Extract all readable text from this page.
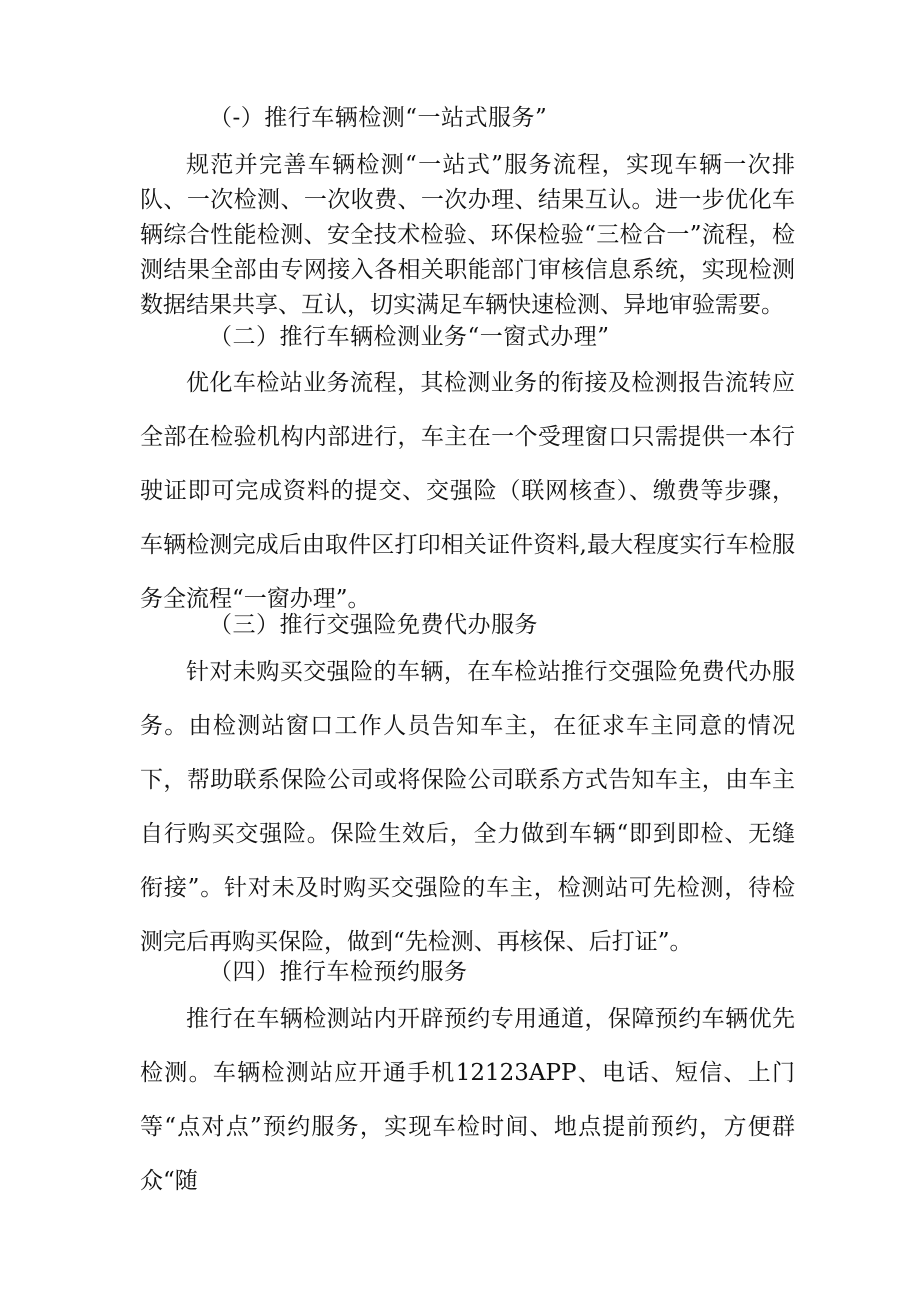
（-）推行车辆检测“一站式服务”

规范并完善车辆检测“一站式”服务流程，实现车辆一次排队、一次检测、一次收费、一次办理、结果互认。进一步优化车辆综合性能检测、安全技术检验、环保检验“三检合一”流程，检测结果全部由专网接入各相关职能部门审核信息系统，实现检测数据结果共享、互认，切实满足车辆快速检测、异地审验需要。

（二）推行车辆检测业务“一窗式办理”

优化车检站业务流程，其检测业务的衔接及检测报告流转应全部在检验机构内部进行，车主在一个受理窗口只需提供一本行驶证即可完成资料的提交、交强险（联网核查）、缴费等步骤，车辆检测完成后由取件区打印相关证件资料,最大程度实行车检服务全流程“一窗办理”。

（三）推行交强险免费代办服务

针对未购买交强险的车辆，在车检站推行交强险免费代办服务。由检测站窗口工作人员告知车主，在征求车主同意的情况下，帮助联系保险公司或将保险公司联系方式告知车主，由车主自行购买交强险。保险生效后，全力做到车辆“即到即检、无缝衔接”。针对未及时购买交强险的车主，检测站可先检测，待检测完后再购买保险，做到“先检测、再核保、后打证”。

（四）推行车检预约服务

推行在车辆检测站内开辟预约专用通道，保障预约车辆优先检测。车辆检测站应开通手机12123APP、电话、短信、上门等“点对点”预约服务，实现车检时间、地点提前预约，方便群众“随
